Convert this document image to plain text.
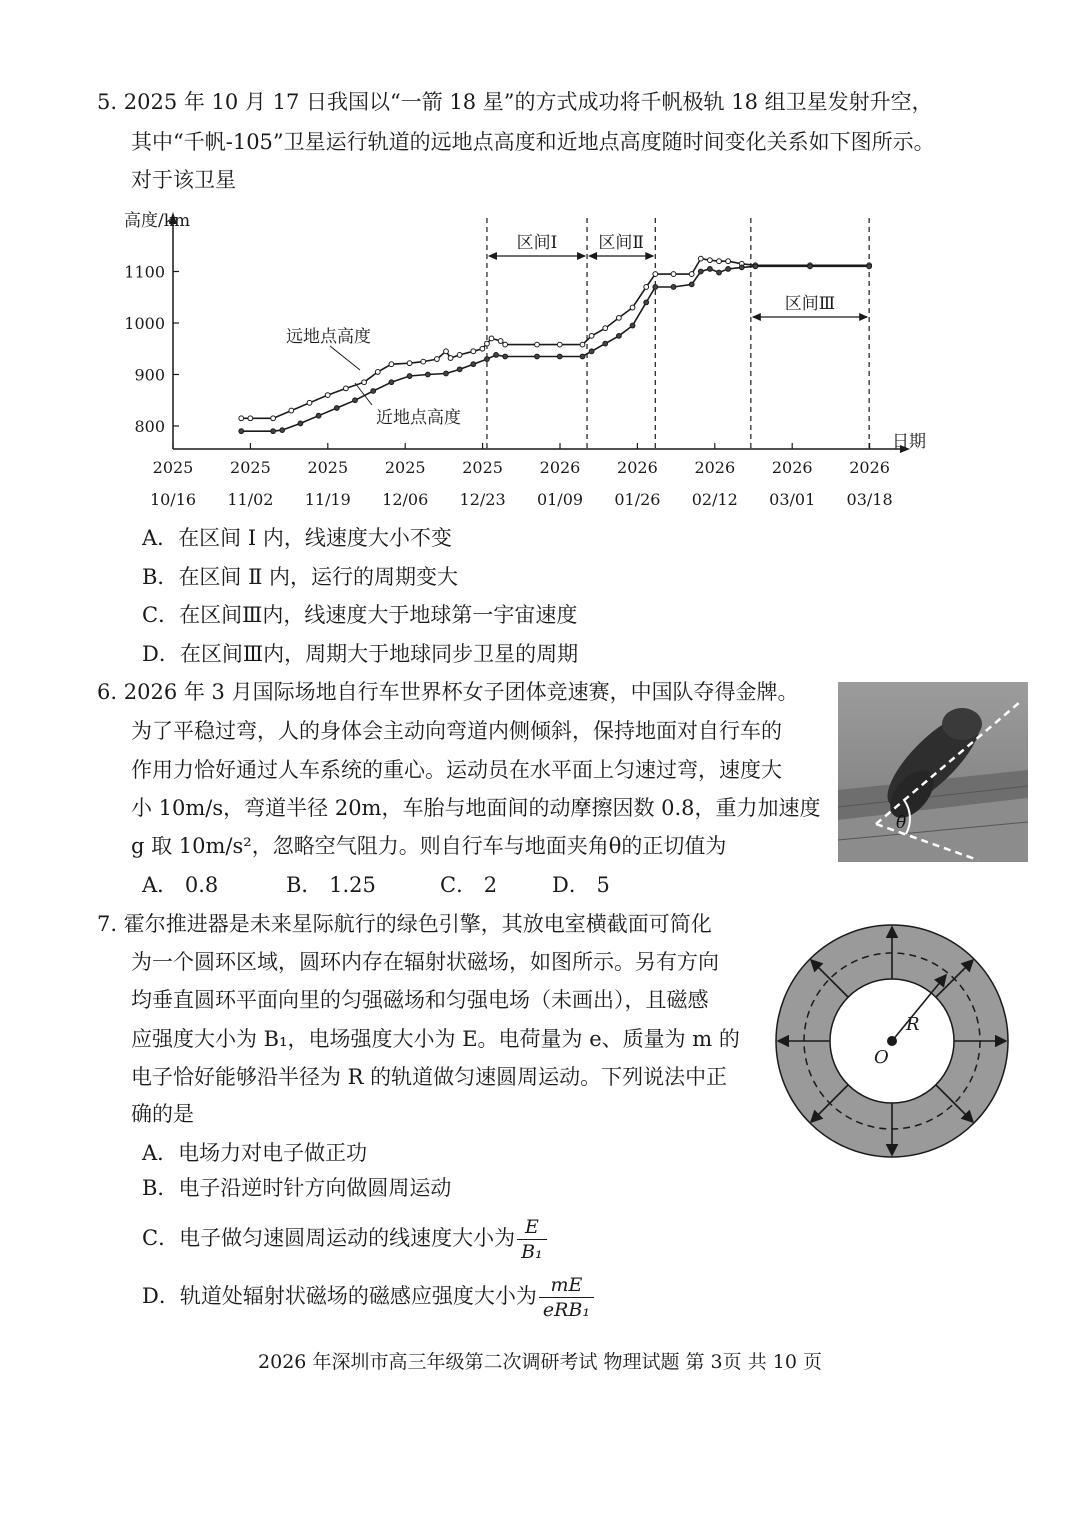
5. 2025 年 10 月 17 日我国以“一箭 18 星”的方式成功将千帆极轨 18 组卫星发射升空，
其中“千帆-105”卫星运行轨道的远地点高度和近地点高度随时间变化关系如下图所示。
对于该卫星
高度/km
日期
800
900
1000
1100
2025
10/16
2025
11/02
2025
11/19
2025
12/06
2025
12/23
2026
01/09
2026
01/26
2026
02/12
2026
03/01
2026
03/18
区间Ⅰ 区间Ⅱ
区间Ⅲ
远地点高度
近地点高度
A．在区间 Ⅰ 内，线速度大小不变
B．在区间 Ⅱ 内，运行的周期变大
C．在区间Ⅲ内，线速度大于地球第一宇宙速度
D．在区间Ⅲ内，周期大于地球同步卫星的周期
6. 2026 年 3 月国际场地自行车世界杯女子团体竞速赛，中国队夺得金牌。
为了平稳过弯，人的身体会主动向弯道内侧倾斜，保持地面对自行车的
作用力恰好通过人车系统的重心。运动员在水平面上匀速过弯，速度大
小 10m/s，弯道半径 20m，车胎与地面间的动摩擦因数 0.8，重力加速度
g 取 10m/s²，忽略空气阻力。则自行车与地面夹角θ的正切值为
θ
A． 0.8	B． 1.25	C． 2	D． 5
7. 霍尔推进器是未来星际航行的绿色引擎，其放电室横截面可简化
为一个圆环区域，圆环内存在辐射状磁场，如图所示。另有方向
均垂直圆环平面向里的匀强磁场和匀强电场（未画出），且磁感
应强度大小为 B₁，电场强度大小为 E。电荷量为 e、质量为 m 的
电子恰好能够沿半径为 R 的轨道做匀速圆周运动。下列说法中正
确的是
R
O
A．电场力对电子做正功
B．电子沿逆时针方向做圆周运动
C．电子做匀速圆周运动的线速度大小为 $\frac{E}{\text{B₁}}$
D．轨道处辐射状磁场的磁感应强度大小为 $\frac{mE}{\text{eRB₁}}$
2026 年深圳市高三年级第二次调研考试 物理试题 第 3页 共 10 页
